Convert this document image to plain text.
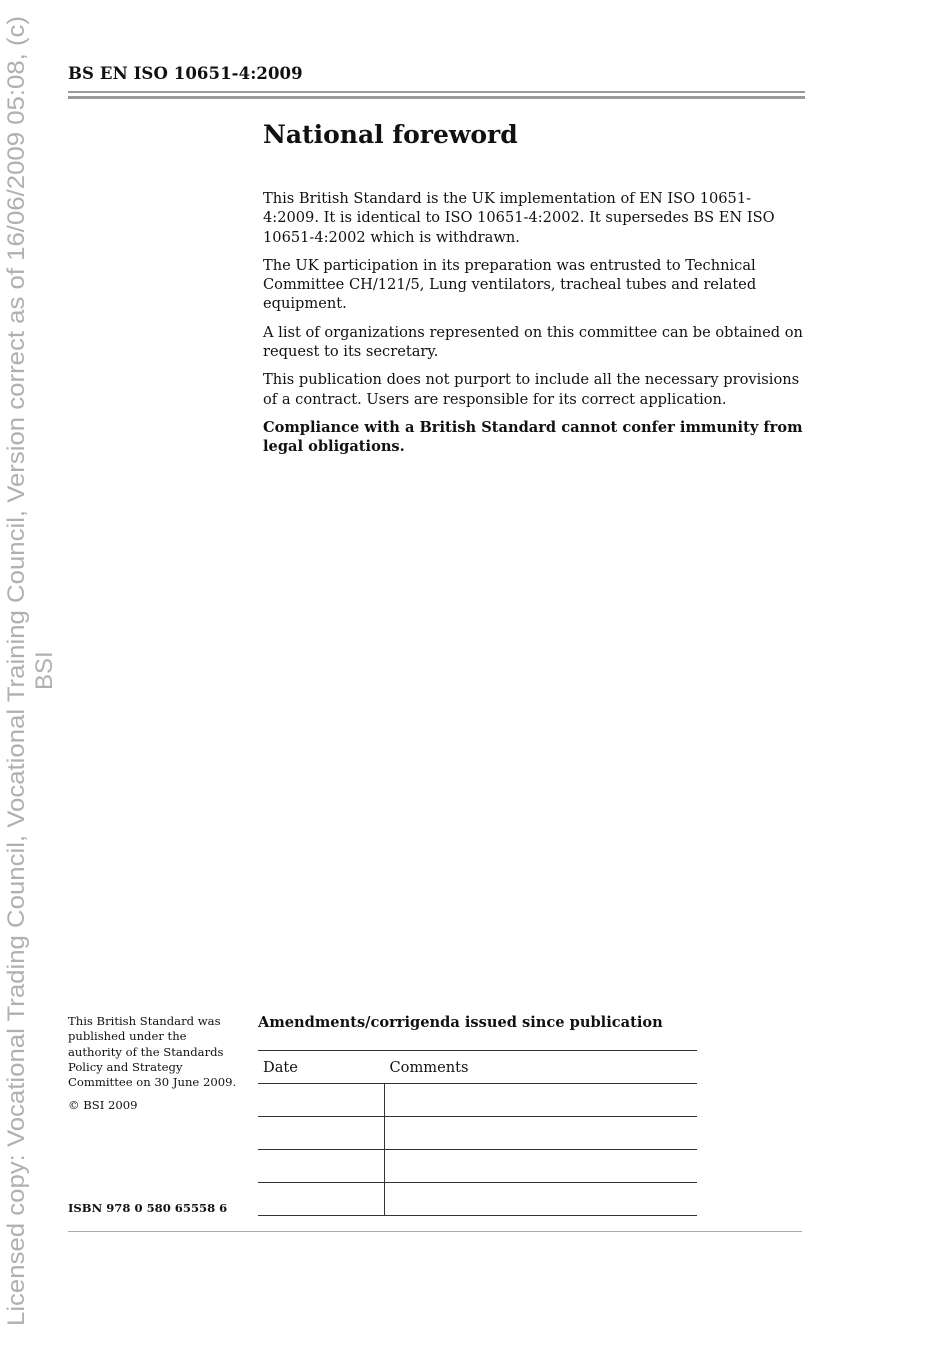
Licensed copy: Vocational Trading Council, Vocational Training Council, Version correct as of 16/06/2009 05:08, (c) BSI
BS EN ISO 10651-4:2009
National foreword

This British Standard is the UK implementation of EN ISO 10651-4:2009. It is identical to ISO 10651-4:2002. It supersedes BS EN ISO 10651-4:2002 which is withdrawn.

The UK participation in its preparation was entrusted to Technical Committee CH/121/5, Lung ventilators, tracheal tubes and related equipment.

A list of organizations represented on this committee can be obtained on request to its secretary.

This publication does not purport to include all the necessary provisions of a contract. Users are responsible for its correct application.

Compliance with a British Standard cannot confer immunity from legal obligations.

This British Standard was published under the authority of the Standards Policy and Strategy Committee on 30 June 2009.

© BSI 2009

ISBN 978 0 580 65558 6
Amendments/corrigenda issued since publication
Date	Comments
